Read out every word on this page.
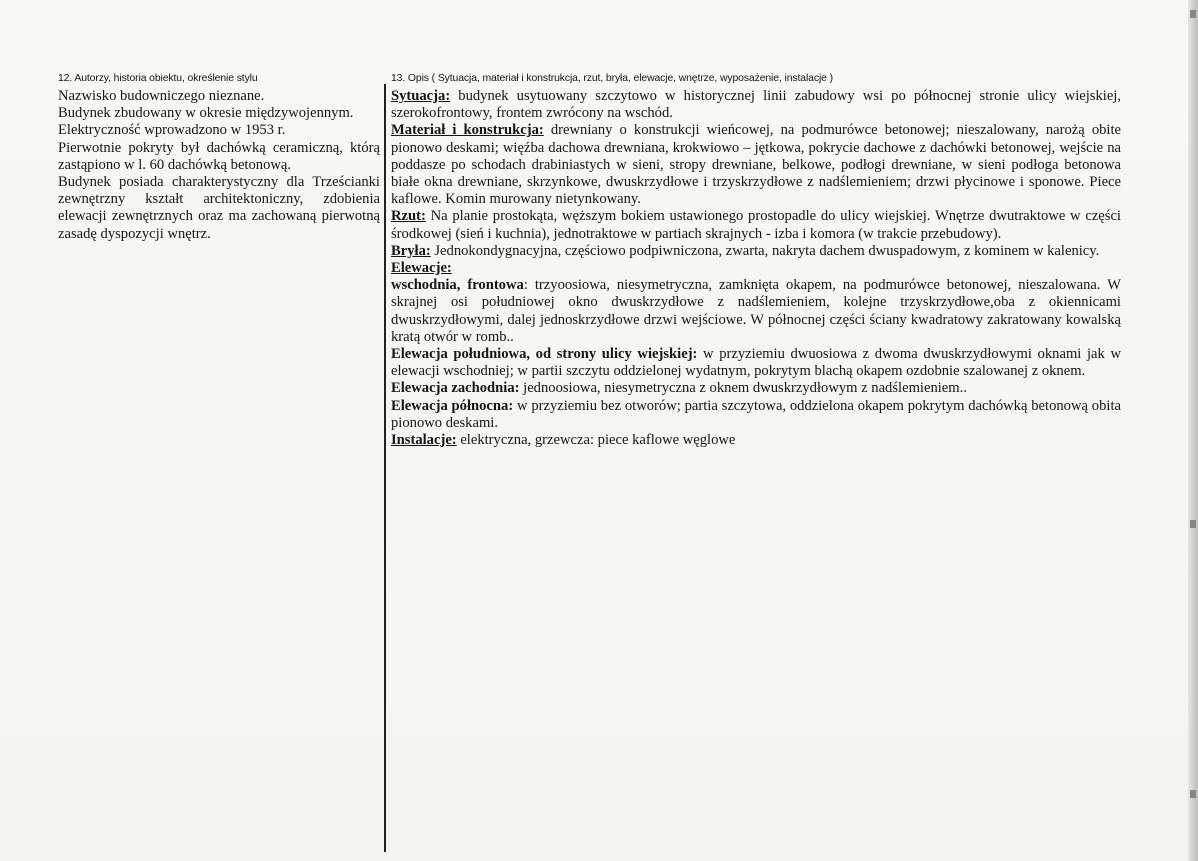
12. Autorzy, historia obiektu, określenie stylu

Nazwisko budowniczego nieznane.

Budynek zbudowany w okresie międzywojennym.

Elektryczność wprowadzono w 1953 r.

Pierwotnie pokryty był dachówką ceramiczną, którą zastąpiono w l. 60 dachówką betonową.

Budynek posiada charakterystyczny dla Trześcianki zewnętrzny kształt architektoniczny, zdobienia elewacji zewnętrznych oraz ma zachowaną pierwotną zasadę dyspozycji wnętrz.

13. Opis ( Sytuacja, materiał i konstrukcja, rzut, bryła, elewacje, wnętrze, wyposażenie, instalacje )

Sytuacja: budynek usytuowany szczytowo w historycznej linii zabudowy wsi po północnej stronie ulicy wiejskiej, szerokofrontowy, frontem zwrócony na wschód.

Materiał i konstrukcja: drewniany o konstrukcji wieńcowej, na podmurówce betonowej; nieszalowany, narożą obite pionowo deskami; więźba dachowa drewniana, krokwiowo – jętkowa, pokrycie dachowe z dachówki betonowej, wejście na poddasze po schodach drabiniastych w sieni, stropy drewniane, belkowe, podłogi drewniane, w sieni podłoga betonowa białe okna drewniane, skrzynkowe, dwuskrzydłowe i trzyskrzydłowe z nadślemieniem; drzwi płycinowe i sponowe. Piece kaflowe. Komin murowany nietynkowany.

Rzut: Na planie prostokąta, węższym bokiem ustawionego prostopadle do ulicy wiejskiej. Wnętrze dwutraktowe w części środkowej (sień i kuchnia), jednotraktowe w partiach skrajnych - izba i komora (w trakcie przebudowy).

Bryła: Jednokondygnacyjna, częściowo podpiwniczona, zwarta, nakryta dachem dwuspadowym, z kominem w kalenicy.

Elewacje:

wschodnia, frontowa: trzyoosiowa, niesymetryczna, zamknięta okapem, na podmurówce betonowej, nieszalowana. W skrajnej osi południowej okno dwuskrzydłowe z nadślemieniem, kolejne trzyskrzydłowe,oba z okiennicami dwuskrzydłowymi, dalej jednoskrzydłowe drzwi wejściowe. W północnej części ściany kwadratowy zakratowany kowalską kratą otwór w romb..

Elewacja południowa, od strony ulicy wiejskiej: w przyziemiu dwuosiowa z dwoma dwuskrzydłowymi oknami jak w elewacji wschodniej; w partii szczytu oddzielonej wydatnym, pokrytym blachą okapem ozdobnie szalowanej z oknem.

Elewacja zachodnia: jednoosiowa, niesymetryczna z oknem dwuskrzydłowym z nadślemieniem..

Elewacja północna: w przyziemiu bez otworów; partia szczytowa, oddzielona okapem pokrytym dachówką betonową obita pionowo deskami.

Instalacje: elektryczna, grzewcza: piece kaflowe węglowe
